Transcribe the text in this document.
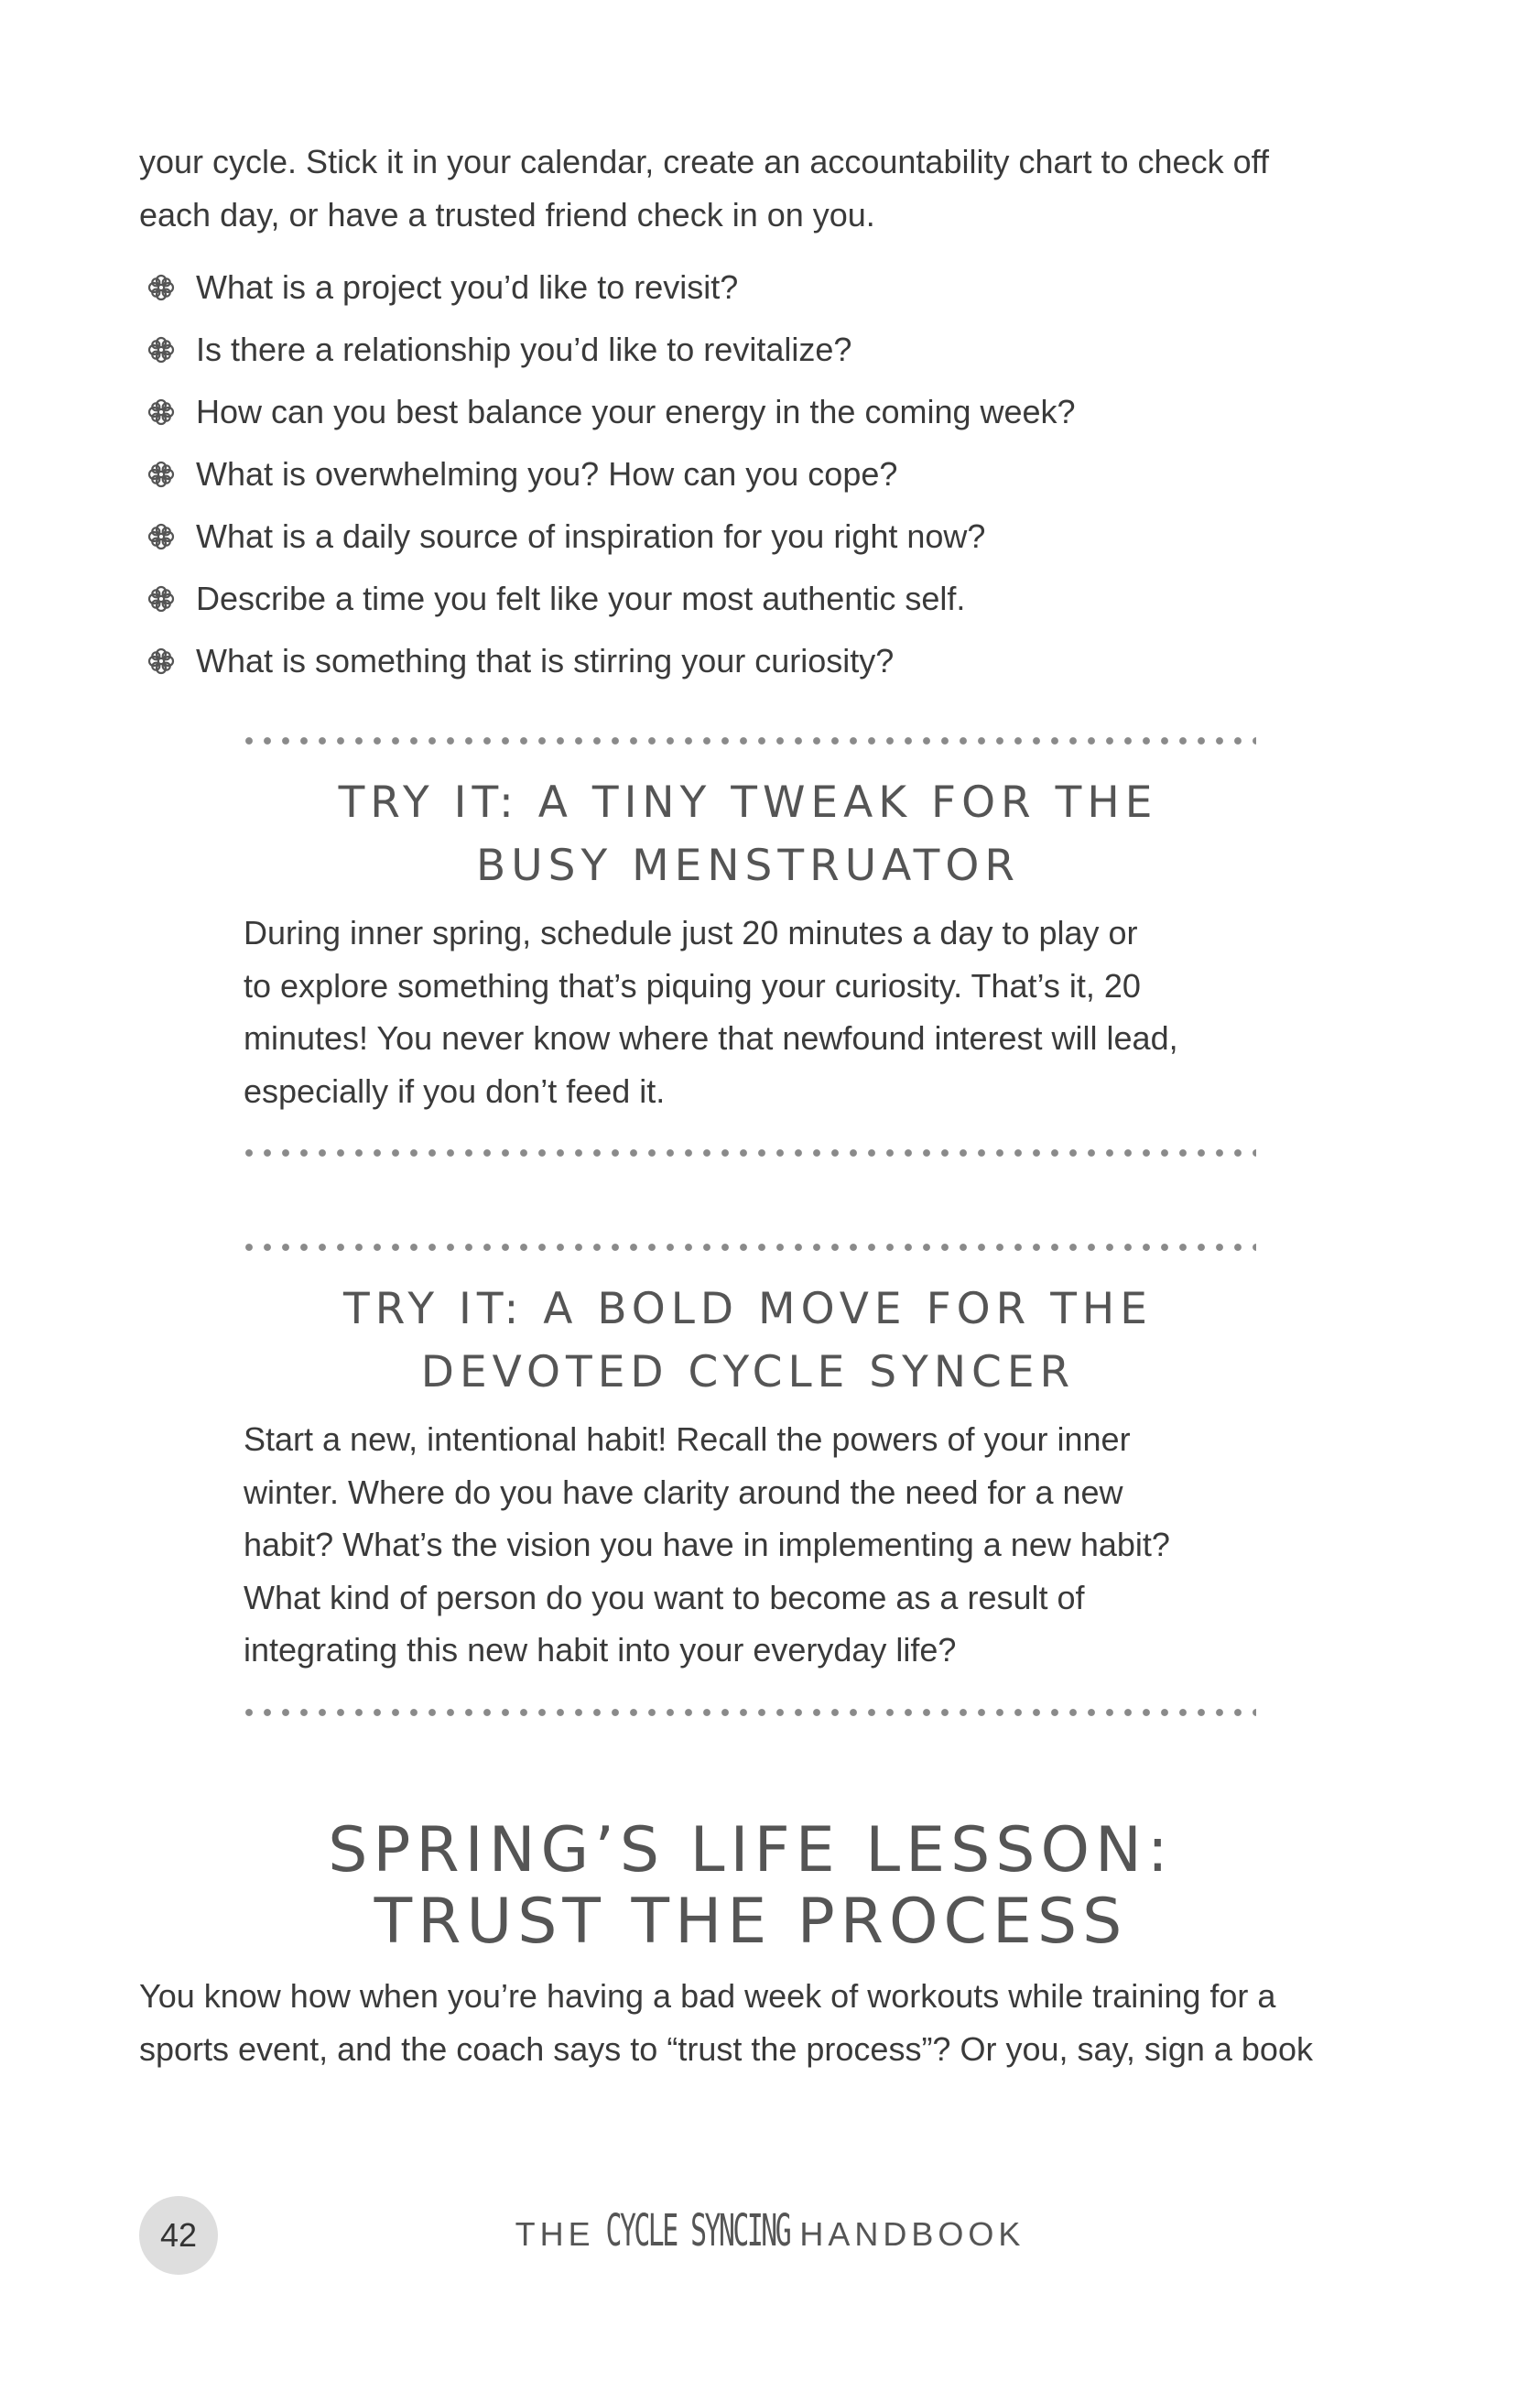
your cycle. Stick it in your calendar, create an accountability chart to check off
each day, or have a trusted friend check in on you.

What is a project you’d like to revisit?
Is there a relationship you’d like to revitalize?
How can you best balance your energy in the coming week?
What is overwhelming you? How can you cope?
What is a daily source of inspiration for you right now?
Describe a time you felt like your most authentic self.
What is something that is stirring your curiosity?
TRY IT: A TINY TWEAK FOR THE
BUSY MENSTRUATOR

During inner spring, schedule just 20 minutes a day to play or
to explore something that’s piquing your curiosity. That’s it, 20
minutes! You never know where that newfound interest will lead,
especially if you don’t feed it.

TRY IT: A BOLD MOVE FOR THE
DEVOTED CYCLE SYNCER

Start a new, intentional habit! Recall the powers of your inner
winter. Where do you have clarity around the need for a new
habit? What’s the vision you have in implementing a new habit?
What kind of person do you want to become as a result of
integrating this new habit into your everyday life?

SPRING’S LIFE LESSON:
TRUST THE PROCESS

You know how when you’re having a bad week of workouts while training for a
sports event, and the coach says to “trust the process”? Or you, say, sign a book

42	THE CYCLE SYNCING HANDBOOK
